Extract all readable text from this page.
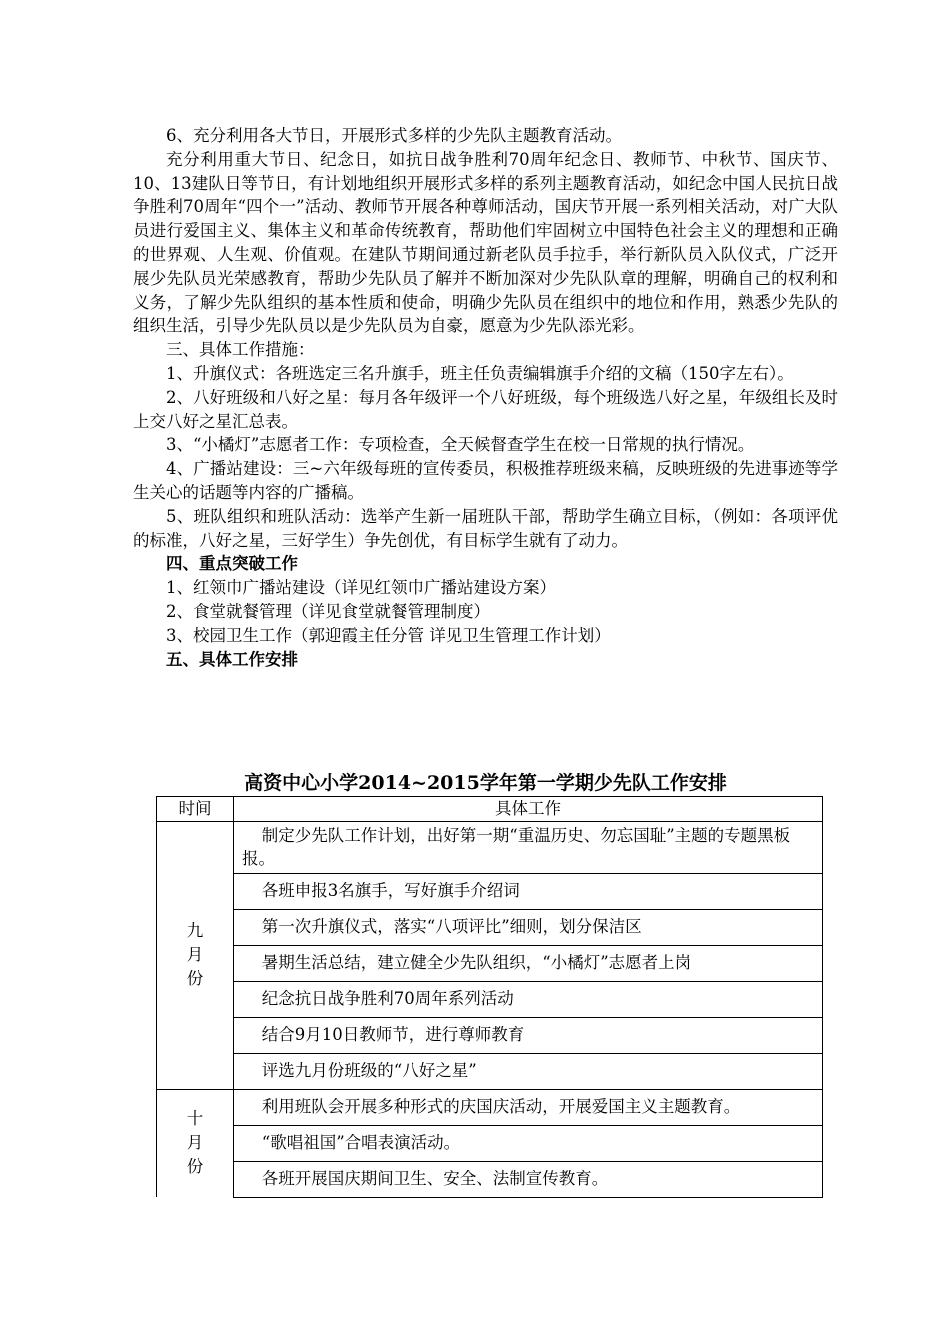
6、充分利用各大节日，开展形式多样的少先队主题教育活动。

充分利用重大节日、纪念日，如抗日战争胜利70周年纪念日、教师节、中秋节、国庆节、10、13建队日等节日，有计划地组织开展形式多样的系列主题教育活动，如纪念中国人民抗日战争胜利70周年“四个一”活动、教师节开展各种尊师活动，国庆节开展一系列相关活动，对广大队员进行爱国主义、集体主义和革命传统教育，帮助他们牢固树立中国特色社会主义的理想和正确的世界观、人生观、价值观。在建队节期间通过新老队员手拉手，举行新队员入队仪式，广泛开展少先队员光荣感教育，帮助少先队员了解并不断加深对少先队队章的理解，明确自己的权利和义务，了解少先队组织的基本性质和使命，明确少先队员在组织中的地位和作用，熟悉少先队的组织生活，引导少先队员以是少先队员为自豪，愿意为少先队添光彩。

三、具体工作措施：

1、升旗仪式：各班选定三名升旗手，班主任负责编辑旗手介绍的文稿（150字左右）。

2、八好班级和八好之星：每月各年级评一个八好班级，每个班级选八好之星，年级组长及时上交八好之星汇总表。

3、“小橘灯”志愿者工作：专项检查，全天候督查学生在校一日常规的执行情况。

4、广播站建设：三~六年级每班的宣传委员，积极推荐班级来稿，反映班级的先进事迹等学生关心的话题等内容的广播稿。

5、班队组织和班队活动：选举产生新一届班队干部，帮助学生确立目标，（例如：各项评优的标准，八好之星，三好学生）争先创优，有目标学生就有了动力。

四、重点突破工作

1、红领巾广播站建设（详见红领巾广播站建设方案）

2、食堂就餐管理（详见食堂就餐管理制度）

3、校园卫生工作（郭迎霞主任分管 详见卫生管理工作计划）

五、具体工作安排

高资中心小学2014~2015学年第一学期少先队工作安排

时间	具体工作

九
月
份	制定少先队工作计划，出好第一期“重温历史、勿忘国耻”主题的专题黑板报。
	各班申报3名旗手，写好旗手介绍词
	第一次升旗仪式，落实“八项评比”细则，划分保洁区
	暑期生活总结，建立健全少先队组织，“小橘灯”志愿者上岗
	纪念抗日战争胜利70周年系列活动
	结合9月10日教师节，进行尊师教育
	评选九月份班级的“八好之星”

十
月
份	利用班队会开展多种形式的庆国庆活动，开展爱国主义主题教育。
	“歌唱祖国”合唱表演活动。
	各班开展国庆期间卫生、安全、法制宣传教育。
